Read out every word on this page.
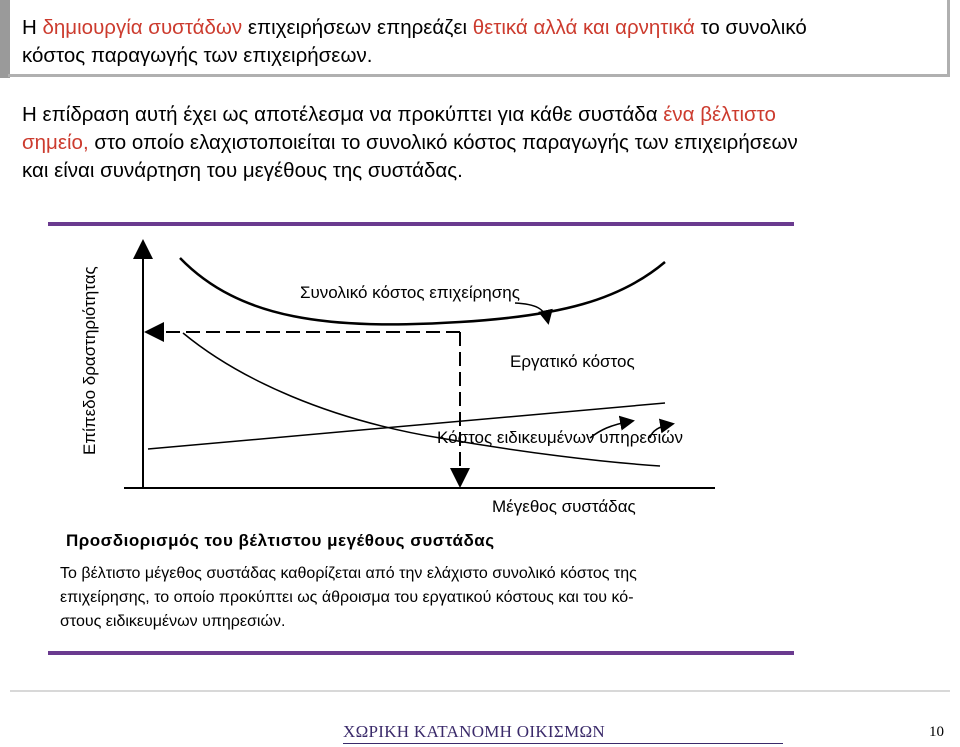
Η δημιουργία συστάδων επιχειρήσεων επηρεάζει θετικά αλλά και αρνητικά το συνολικό
κόστος παραγωγής των επιχειρήσεων.
Η επίδραση αυτή έχει ως αποτέλεσμα να προκύπτει για κάθε συστάδα ένα βέλτιστο
σημείο, στο οποίο ελαχιστοποιείται το συνολικό κόστος παραγωγής των επιχειρήσεων
και είναι συνάρτηση του μεγέθους της συστάδας.
Επίπεδο δραστηριότητας	Συνολικό κόστος επιχείρησης
Εργατικό κόστος
Κόστος ειδικευμένων υπηρεσιών
Μέγεθος συστάδας
Προσδιορισμός του βέλτιστου μεγέθους συστάδας
Το βέλτιστο μέγεθος συστάδας καθορίζεται από την ελάχιστο συνολικό κόστος της
επιχείρησης, το οποίο προκύπτει ως άθροισμα του εργατικού κόστους και του κό-
στους ειδικευμένων υπηρεσιών.
ΧΩΡΙΚΗ ΚΑΤΑΝΟΜΗ ΟΙΚΙΣΜΩΝ	10
